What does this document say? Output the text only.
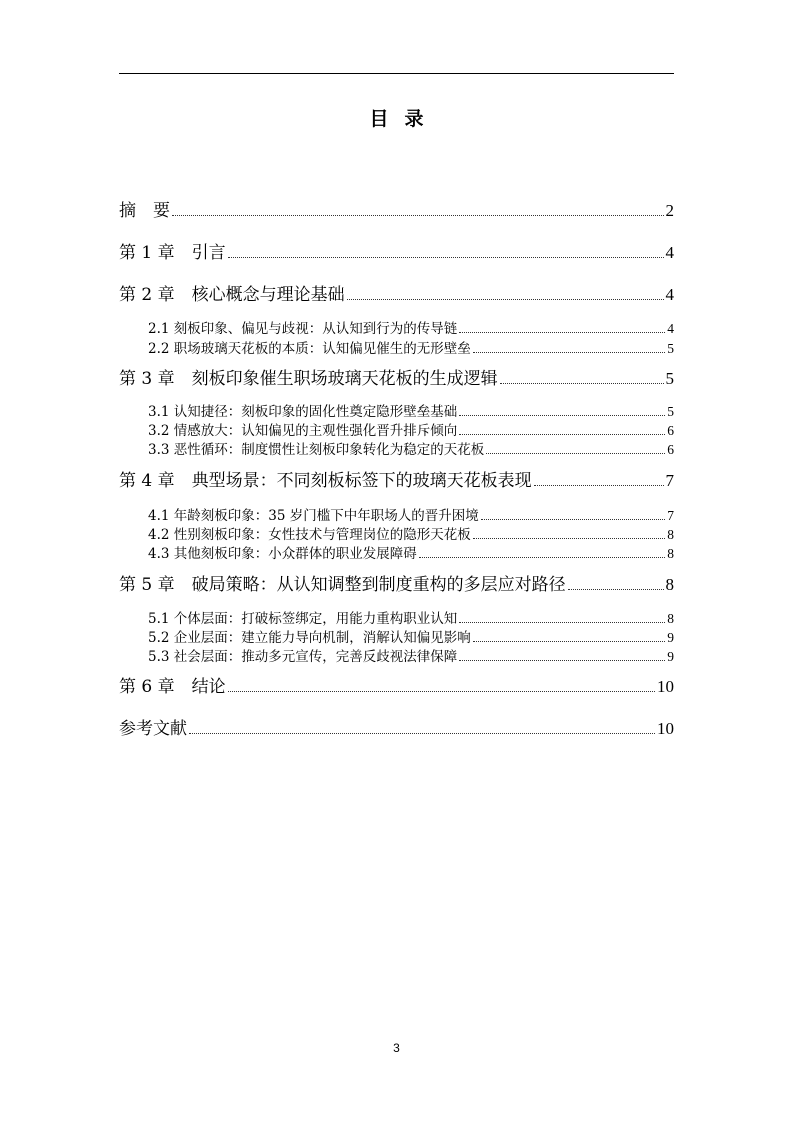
目录
摘　要	2
第 1 章　引言	4
第 2 章　核心概念与理论基础	4
2.1 刻板印象、偏见与歧视：从认知到行为的传导链	4
2.2 职场玻璃天花板的本质：认知偏见催生的无形壁垒	5
第 3 章　刻板印象催生职场玻璃天花板的生成逻辑	5
3.1 认知捷径：刻板印象的固化性奠定隐形壁垒基础	5
3.2 情感放大：认知偏见的主观性强化晋升排斥倾向	6
3.3 恶性循环：制度惯性让刻板印象转化为稳定的天花板	6
第 4 章　典型场景：不同刻板标签下的玻璃天花板表现	7
4.1 年龄刻板印象：35 岁门槛下中年职场人的晋升困境	7
4.2 性别刻板印象：女性技术与管理岗位的隐形天花板	8
4.3 其他刻板印象：小众群体的职业发展障碍	8
第 5 章　破局策略：从认知调整到制度重构的多层应对路径	8
5.1 个体层面：打破标签绑定，用能力重构职业认知	8
5.2 企业层面：建立能力导向机制，消解认知偏见影响	9
5.3 社会层面：推动多元宣传，完善反歧视法律保障	9
第 6 章　结论	10
参考文献	10
3
